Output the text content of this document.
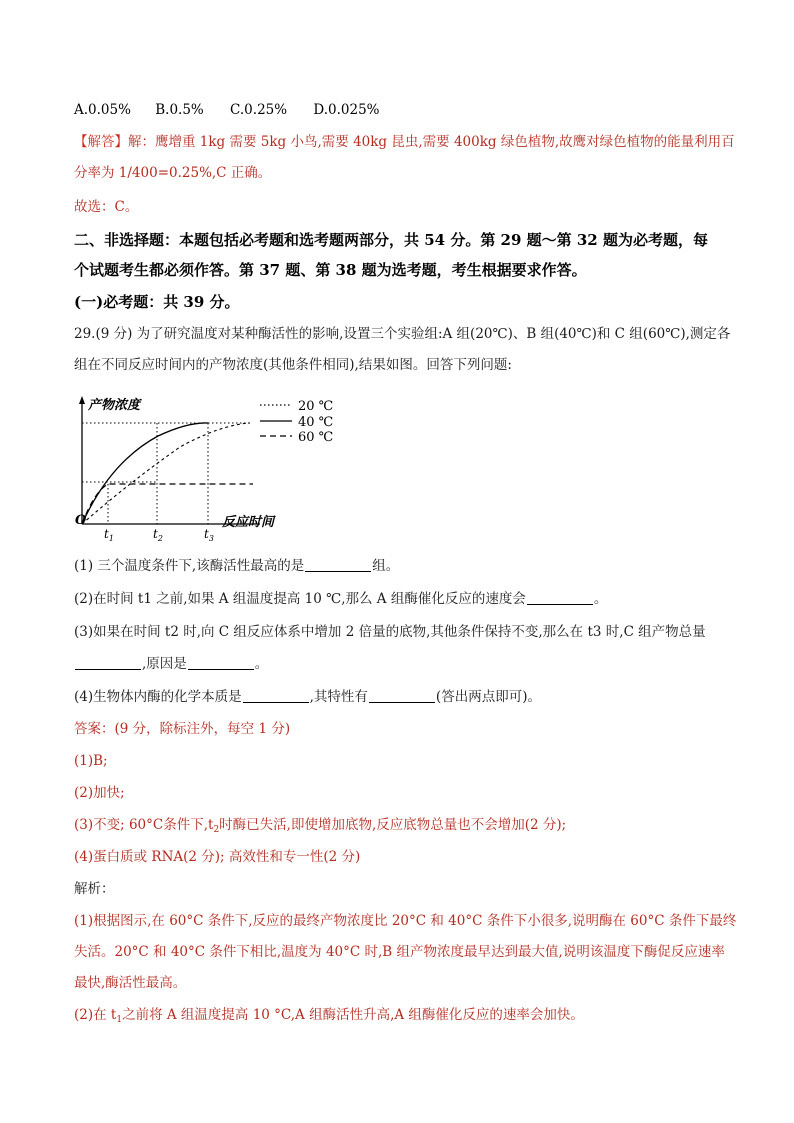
A.0.05% B.0.5% C.0.25% D.0.025%
【解答】解：鹰增重 1kg 需要 5kg 小鸟,需要 40kg 昆虫,需要 400kg 绿色植物,故鹰对绿色植物的能量利用百
分率为 1/400=0.25%,C 正确。
故选：C。
二、非选择题：本题包括必考题和选考题两部分，共 54 分。第 29 题～第 32 题为必考题，每
个试题考生都必须作答。第 37 题、第 38 题为选考题，考生根据要求作答。
(一)必考题：共 39 分。
29.(9 分) 为了研究温度对某种酶活性的影响,设置三个实验组:A 组(20℃)、B 组(40℃)和 C 组(60℃),测定各
组在不同反应时间内的产物浓度(其他条件相同),结果如图。回答下列问题:
产物浓度
反应时间
O
$t_1$	$t_2$	$t_3$
20 ℃
40 ℃
60 ℃
(1) 三个温度条件下,该酶活性最高的是	组。
(2)在时间 t1 之前,如果 A 组温度提高 10 ℃,那么 A 组酶催化反应的速度会	。
(3)如果在时间 t2 时,向 C 组反应体系中增加 2 倍量的底物,其他条件保持不变,那么在 t3 时,C 组产物总量
,原因是	。
(4)生物体内酶的化学本质是	,其特性有	(答出两点即可)。
答案：(9 分，除标注外，每空 1 分)
(1)B;
(2)加快;
(3)不变; 60°C条件下$,t_2$时酶已失活,即使增加底物,反应底物总量也不会增加(2 分);
(4)蛋白质或 RNA(2 分); 高效性和专一性(2 分)
解析：
(1)根据图示,在 60°C 条件下,反应的最终产物浓度比 20°C 和 40°C 条件下小很多,说明酶在 60°C 条件下最终
失活。20°C 和 40°C 条件下相比,温度为 40°C 时,B 组产物浓度最早达到最大值,说明该温度下酶促反应速率
最快,酶活性最高。
(2)在 $t_1$之前将 A 组温度提高 10 °C,A 组酶活性升高,A 组酶催化反应的速率会加快。
